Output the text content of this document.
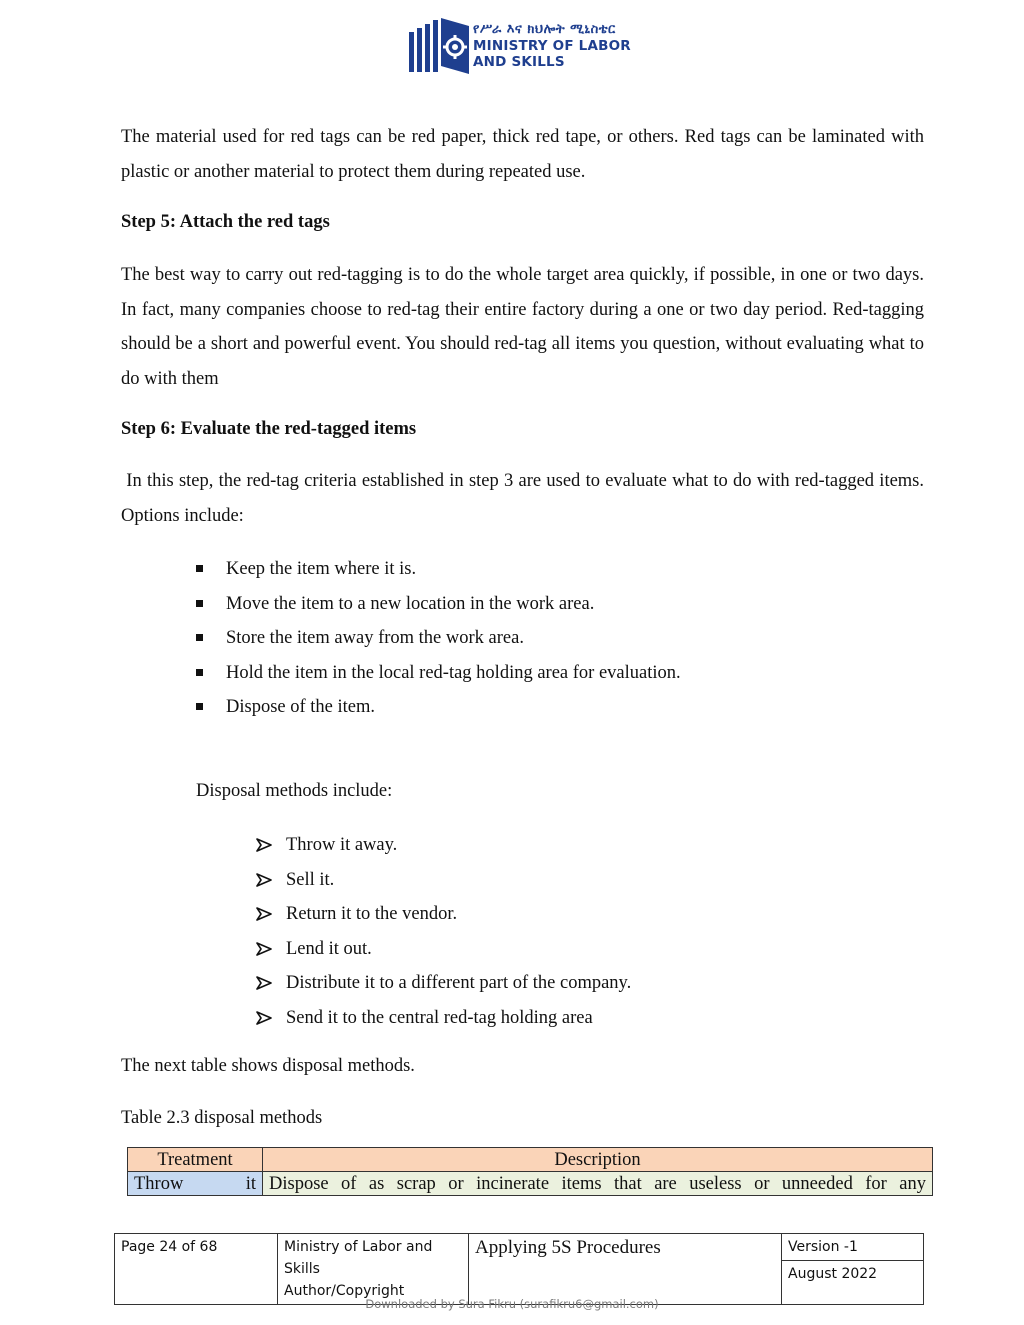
የሥራ እና ክህሎት ሚኒስቴር
MINISTRY OF LABOR
AND SKILLS

The material used for red tags can be red paper, thick red tape, or others. Red tags can be laminated with plastic or another material to protect them during repeated use.

Step 5: Attach the red tags

The best way to carry out red-tagging is to do the whole target area quickly, if possible, in one or two days. In fact, many companies choose to red-tag their entire factory during a one or two day period. Red-tagging should be a short and powerful event. You should red-tag all items you question, without evaluating what to do with them

Step 6: Evaluate the red-tagged items

In this step, the red-tag criteria established in step 3 are used to evaluate what to do with red-tagged items. Options include:

Keep the item where it is.
Move the item to a new location in the work area.
Store the item away from the work area.
Hold the item in the local red-tag holding area for evaluation.
Dispose of the item.

Disposal methods include:

Throw it away.
Sell it.
Return it to the vendor.
Lend it out.
Distribute it to a different part of the company.
Send it to the central red-tag holding area

The next table shows disposal methods.

Table 2.3 disposal methods

Treatment	Description
Throw it	Dispose of as scrap or incinerate items that are useless or unneeded for any
Page 24 of 68	Ministry of Labor and
Skills
Author/Copyright
	Applying 5S Procedures	Version -1
August 2022
Downloaded by Sura Fikru (surafikru6@gmail.com)
